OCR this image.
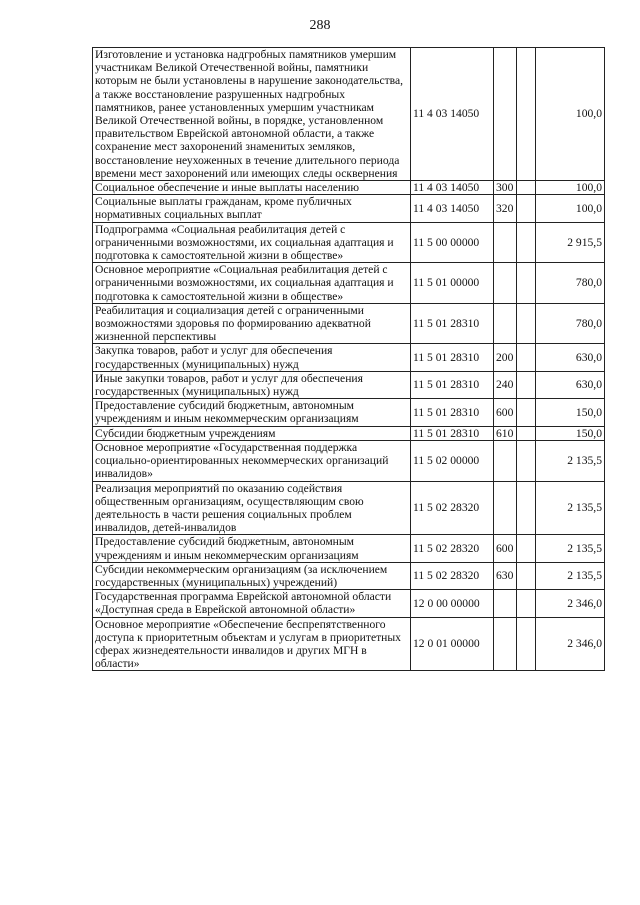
288
Изготовление и установка надгробных памятников умершим участникам Великой Отечественной войны, памятники которым не были установлены в нарушение законодательства, а также восстановление разрушенных надгробных памятников, ранее установленных умершим участникам Великой Отечественной войны, в порядке, установленном правительством Еврейской автономной области, а также сохранение мест захоронений знаменитых земляков, восстановление неухоженных в течение длительного периода времени мест захоронений или имеющих следы осквернения	11 4 03 14050			100,0
Социальное обеспечение и иные выплаты населению	11 4 03 14050	300		100,0
Социальные выплаты гражданам, кроме публичных нормативных социальных выплат	11 4 03 14050	320		100,0
Подпрограмма «Социальная реабилитация детей с ограниченными возможностями, их социальная адаптация и подготовка к самостоятельной жизни в обществе»	11 5 00 00000			2 915,5
Основное мероприятие «Социальная реабилитация детей с ограниченными возможностями, их социальная адаптация и подготовка к самостоятельной жизни в обществе»	11 5 01 00000			780,0
Реабилитация и социализация детей с ограниченными возможностями здоровья по формированию адекватной жизненной перспективы	11 5 01 28310			780,0
Закупка товаров, работ и услуг для обеспечения государственных (муниципальных) нужд	11 5 01 28310	200		630,0
Иные закупки товаров, работ и услуг для обеспечения государственных (муниципальных) нужд	11 5 01 28310	240		630,0
Предоставление субсидий бюджетным, автономным учреждениям и иным некоммерческим организациям	11 5 01 28310	600		150,0
Субсидии бюджетным учреждениям	11 5 01 28310	610		150,0
Основное мероприятие «Государственная поддержка социально-ориентированных некоммерческих организаций инвалидов»	11 5 02 00000			2 135,5
Реализация мероприятий по оказанию содействия общественным организациям, осуществляющим свою деятельность в части решения социальных проблем инвалидов, детей-инвалидов	11 5 02 28320			2 135,5
Предоставление субсидий бюджетным, автономным учреждениям и иным некоммерческим организациям	11 5 02 28320	600		2 135,5
Субсидии некоммерческим организациям (за исключением государственных (муниципальных) учреждений)	11 5 02 28320	630		2 135,5
Государственная программа Еврейской автономной области «Доступная среда в Еврейской автономной области»	12 0 00 00000			2 346,0
Основное мероприятие «Обеспечение беспрепятственного доступа к приоритетным объектам и услугам в приоритетных сферах жизнедеятельности инвалидов и других МГН в области»	12 0 01 00000			2 346,0
